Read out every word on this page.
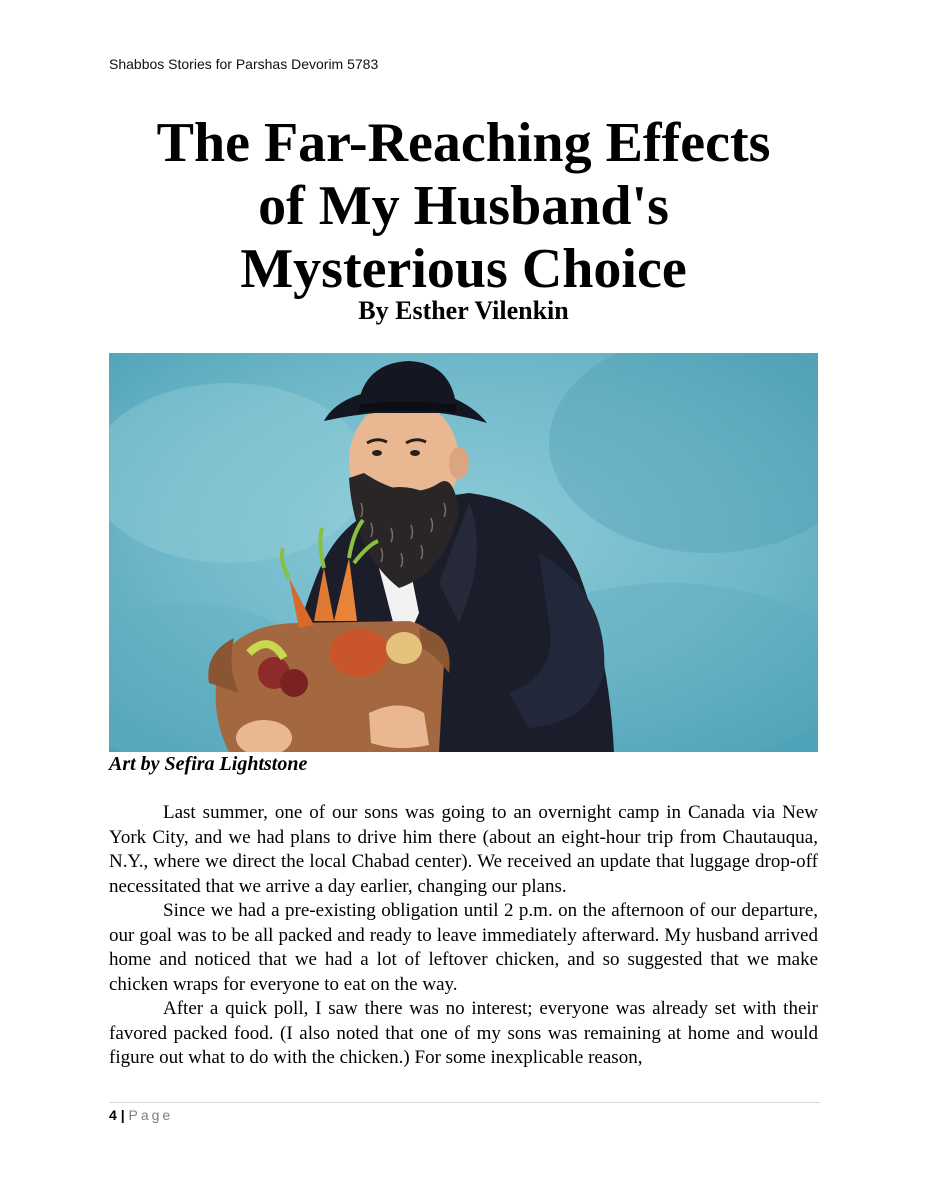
Shabbos Stories for Parshas Devorim 5783
The Far-Reaching Effects
of My Husband's
Mysterious Choice
By Esther Vilenkin
Art by Sefira Lightstone

Last summer, one of our sons was going to an overnight camp in Canada via New York City, and we had plans to drive him there (about an eight-hour trip from Chautauqua, N.Y., where we direct the local Chabad center). We received an update that luggage drop-off necessitated that we arrive a day earlier, changing our plans.

Since we had a pre-existing obligation until 2 p.m. on the afternoon of our departure, our goal was to be all packed and ready to leave immediately afterward. My husband arrived home and noticed that we had a lot of leftover chicken, and so suggested that we make chicken wraps for everyone to eat on the way.

After a quick poll, I saw there was no interest; everyone was already set with their favored packed food. (I also noted that one of my sons was remaining at home and would figure out what to do with the chicken.) For some inexplicable reason,

4 | Page
